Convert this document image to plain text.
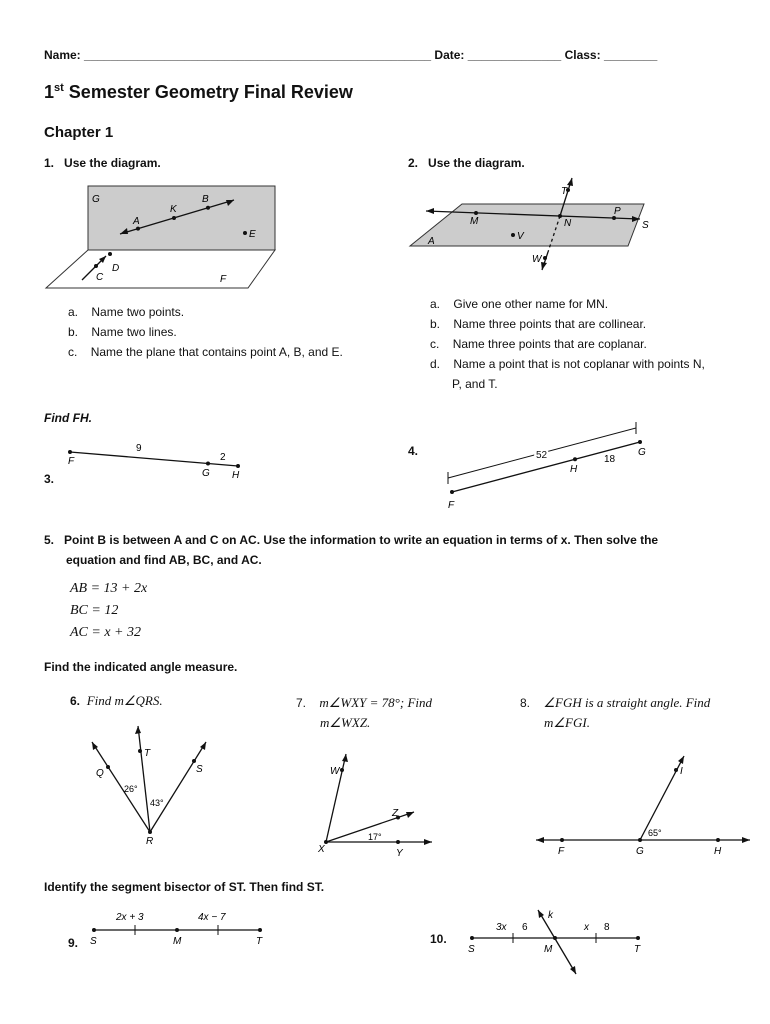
Name: ____________________________________________________ Date: ______________ Class: ________
1st Semester Geometry Final Review
Chapter 1
1. Use the diagram.
G
K
B
A
E
D
C	F
a. Name two points.
b. Name two lines.
c. Name the plane that contains point A, B, and E.
2. Use the diagram.
T
M	N
P
S
A	V
W
a. Give one other name for MN.
b. Name three points that are collinear.
c. Name three points that are coplanar.
d. Name a point that is not coplanar with points N,
P, and T.
Find FH.
3.
9
2
F
G H
4.	52	18
F
H
G
5. Point B is between A and C on AC. Use the information to write an equation in terms of x. Then solve the
equation and find AB, BC, and AC.
AB = 13 + 2x
BC = 12
AC = x + 32
Find the indicated angle measure.
6. Find m∠QRS.
Q
T
S
R
26°
43°
7. m∠WXY = 78°; Find
m∠WXZ.
W
Z
X	Y
17°
8. ∠FGH is a straight angle. Find
m∠FGI.
I
F	G	H
65°
Identify the segment bisector of ST. Then find ST.
9.
2x + 3	4x − 7
S	M	T	10.
3x 6	x 8
k
S	M	T
